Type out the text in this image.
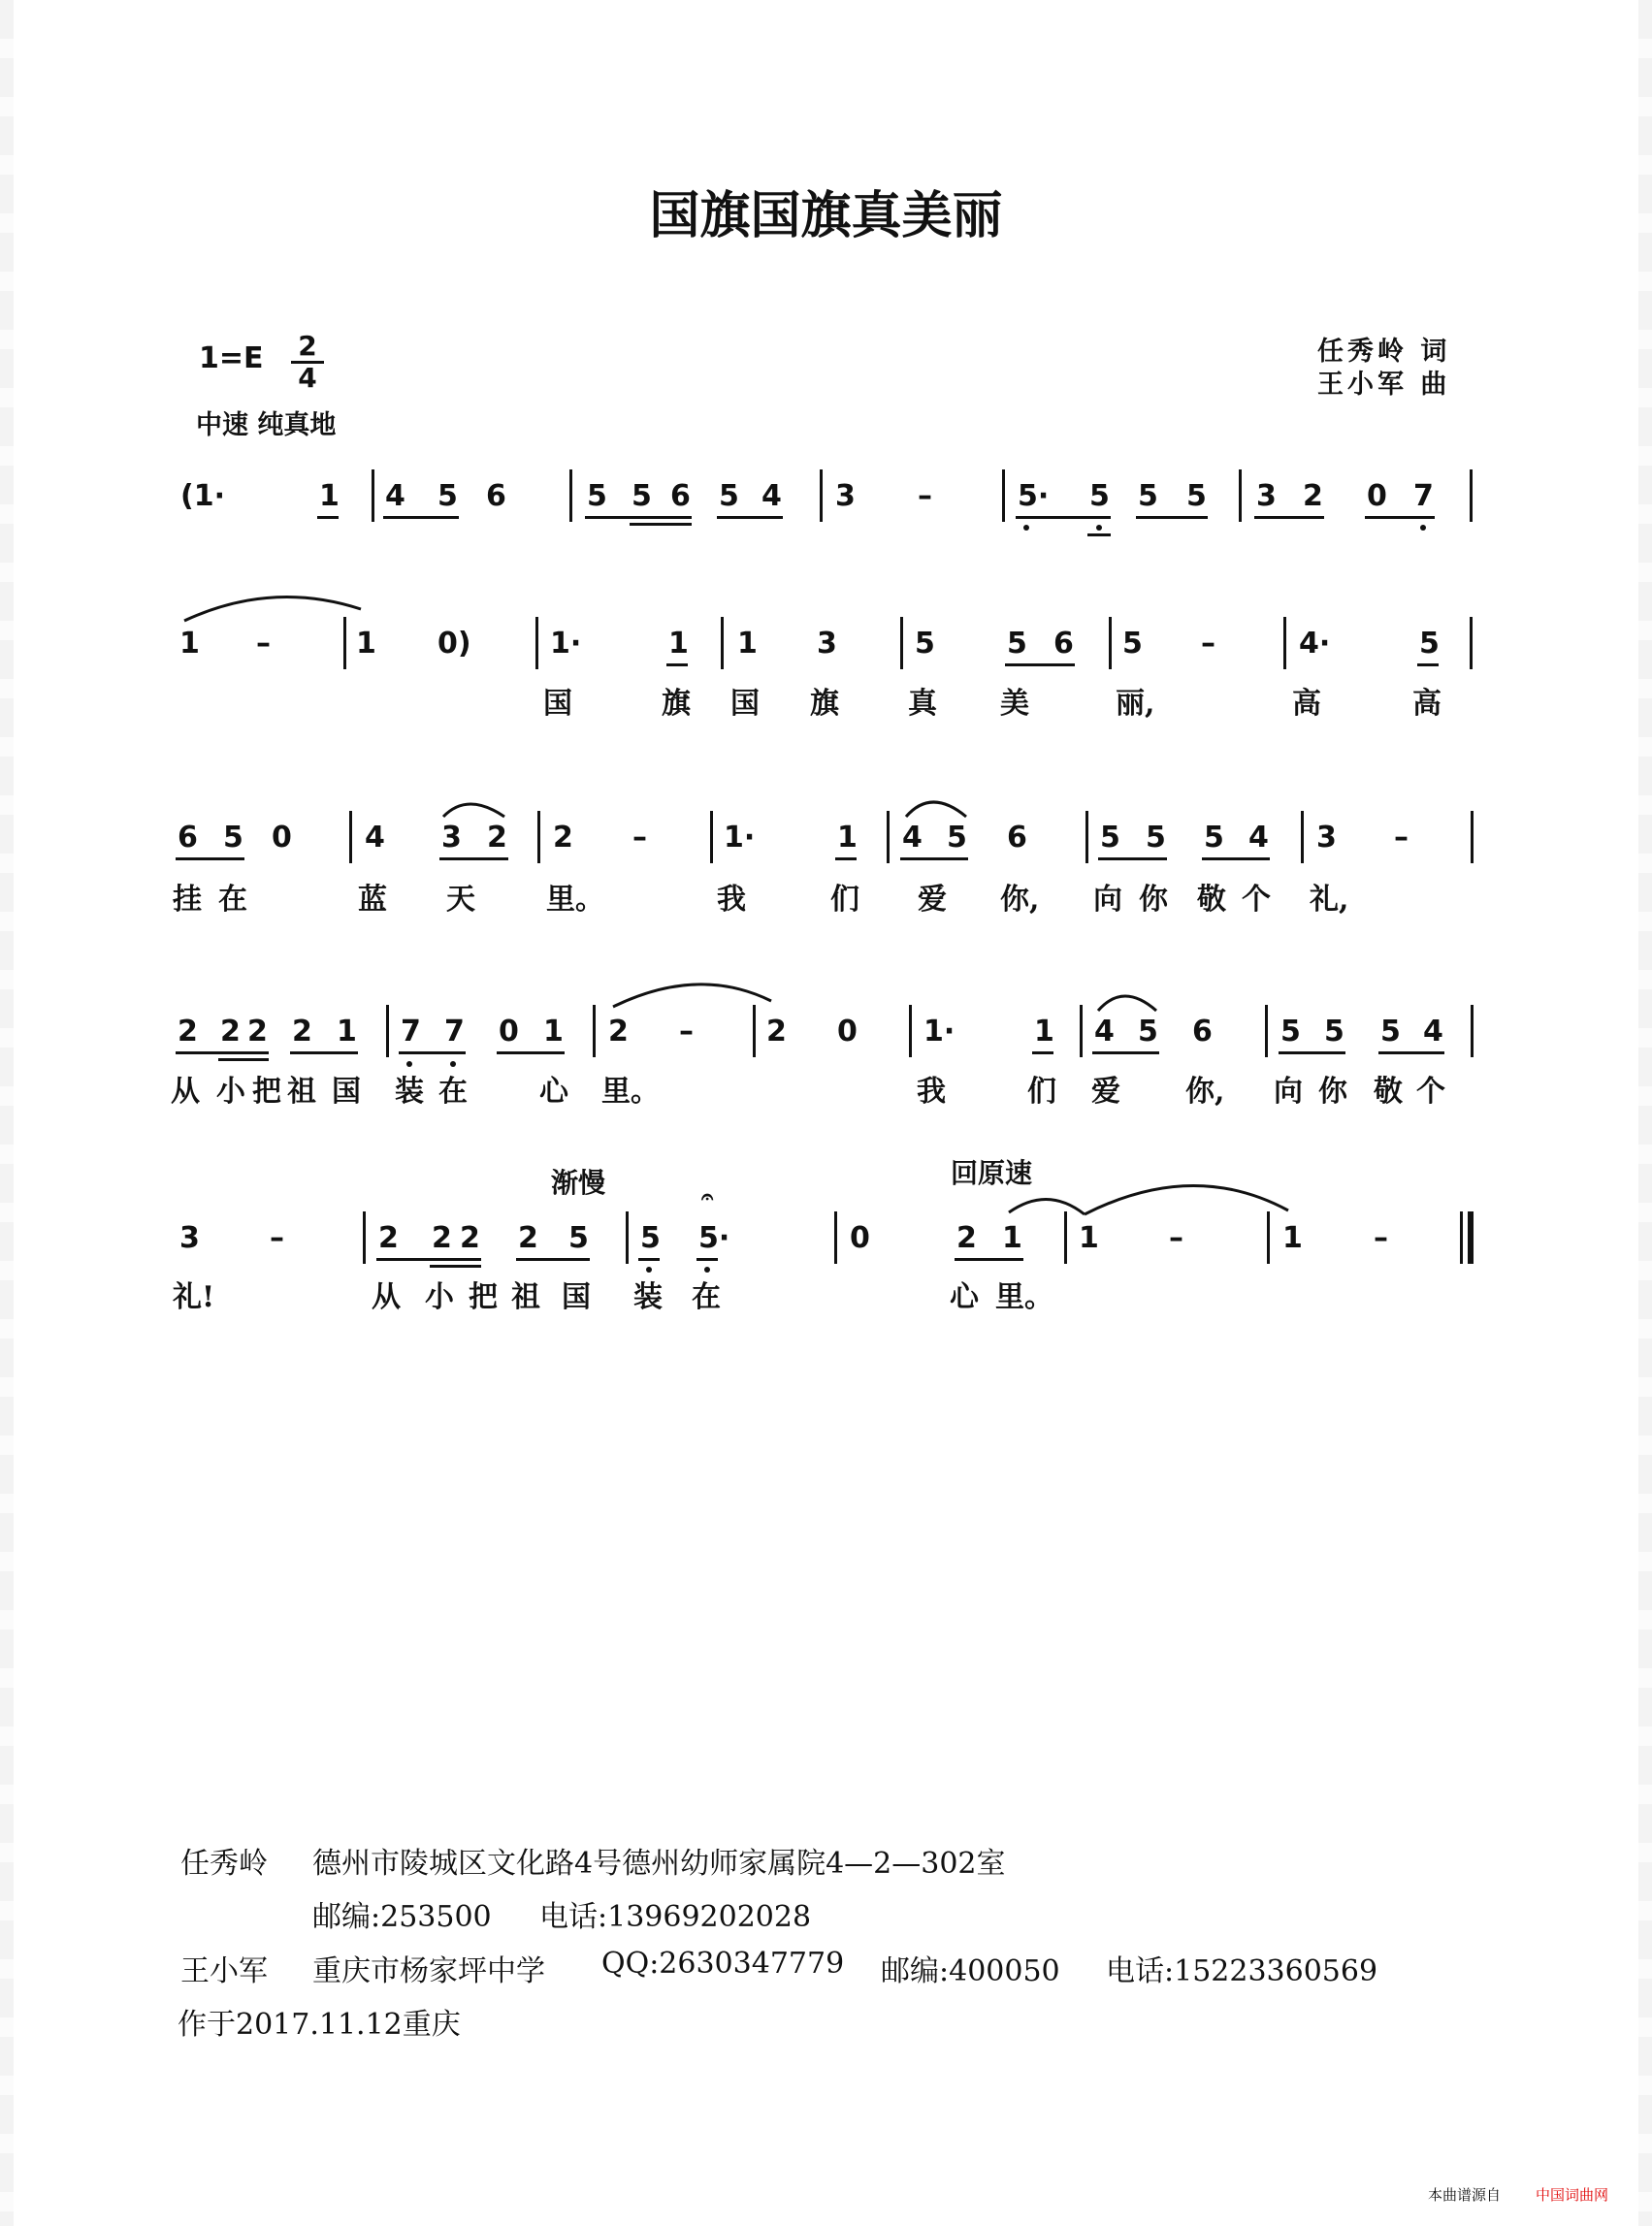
国旗国旗真美丽
1=E 2
4
中速 纯真地
任秀岭 词
王小军 曲
(1·	1 4 5 6	5 5 6 5 4 3 –	5· 5 5 5 3 2 0 7
1 –	1 0)	1·	1 1 3	5 5 6 5 –	4·	5
国	旗 国 旗 真 美	丽,	高	高
6 5 0	4 3 2 2 –	1·	1 4 5 6	5 5 5 4 3 –
挂 在	蓝 天 里。	我	们 爱 你, 向 你 敬 个 礼,
2 2 2 2 1 7 7 0 1 2 –	2 0 1·	1 4 5 6 5 5 5 4
从 小 把 祖 国 装 在 心 里。	我	们 爱 你, 向 你 敬 个
渐慢	回原速
3 –	2 2 2 2 5 5 5·
𝄐
0	2 1 1 –	1 –
礼!	从 小 把 祖 国 装 在	心 里。
任秀岭 德州市陵城区文化路4号德州幼师家属院4—2—302室
邮编:253500 电话:13969202028
王小军 重庆市杨家坪中学 QQ:2630347779 邮编:400050 电话:15223360569
作于2017.11.12重庆
本曲谱源自 中国词曲网
